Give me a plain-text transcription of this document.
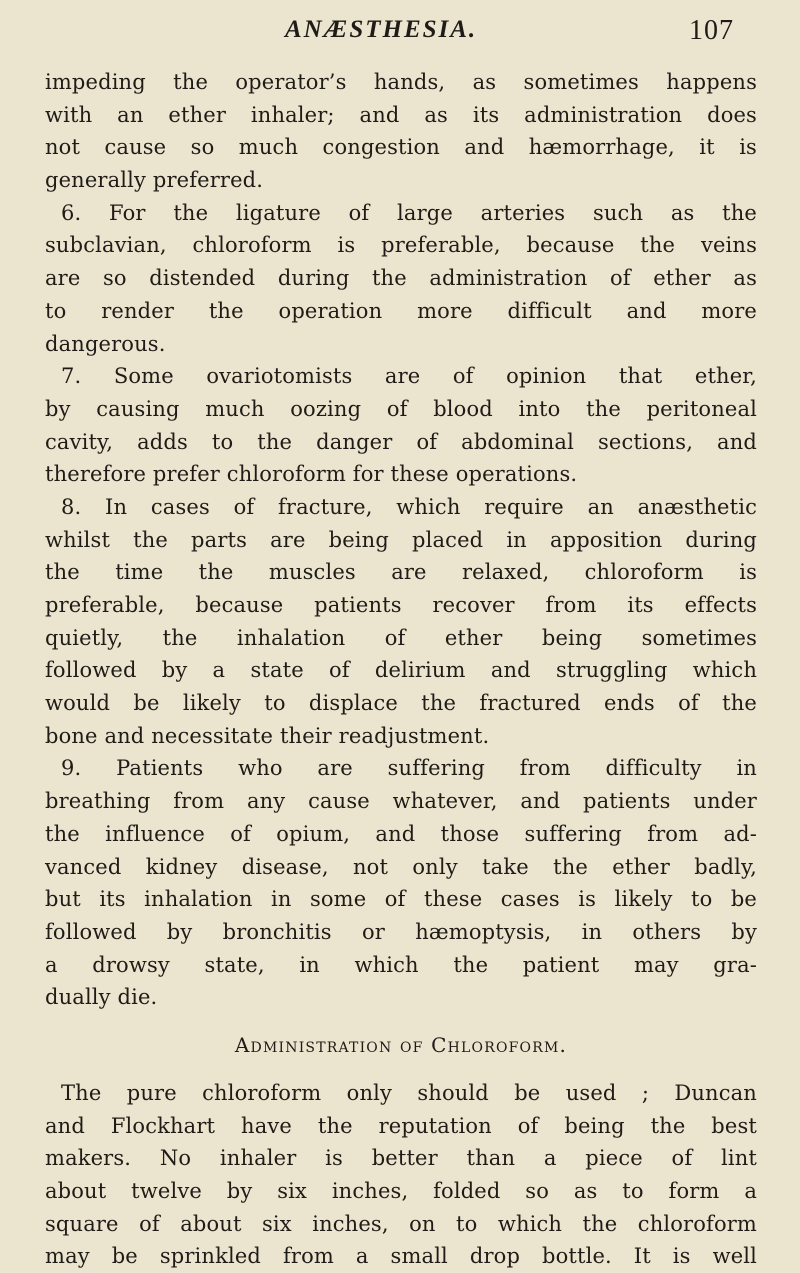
ANÆSTHESIA.	107
impeding the operator’s hands, as sometimes happens
with an ether inhaler; and as its administration does
not cause so much congestion and hæmorrhage, it is
generally preferred.
6. For the ligature of large arteries such as the
subclavian, chloroform is preferable, because the veins
are so distended during the administration of ether as
to render the operation more difficult and more
dangerous.
7. Some ovariotomists are of opinion that ether,
by causing much oozing of blood into the peritoneal
cavity, adds to the danger of abdominal sections, and
therefore prefer chloroform for these operations.
8. In cases of fracture, which require an anæsthetic
whilst the parts are being placed in apposition during
the time the muscles are relaxed, chloroform is
preferable, because patients recover from its effects
quietly, the inhalation of ether being sometimes
followed by a state of delirium and struggling which
would be likely to displace the fractured ends of the
bone and necessitate their readjustment.
9. Patients who are suffering from difficulty in
breathing from any cause whatever, and patients under
the influence of opium, and those suffering from ad-
vanced kidney disease, not only take the ether badly,
but its inhalation in some of these cases is likely to be
followed by bronchitis or hæmoptysis, in others by
a drowsy state, in which the patient may gra-
dually die.
Administration of Chloroform.
The pure chloroform only should be used ; Duncan
and Flockhart have the reputation of being the best
makers. No inhaler is better than a piece of lint
about twelve by six inches, folded so as to form a
square of about six inches, on to which the chloroform
may be sprinkled from a small drop bottle. It is well
